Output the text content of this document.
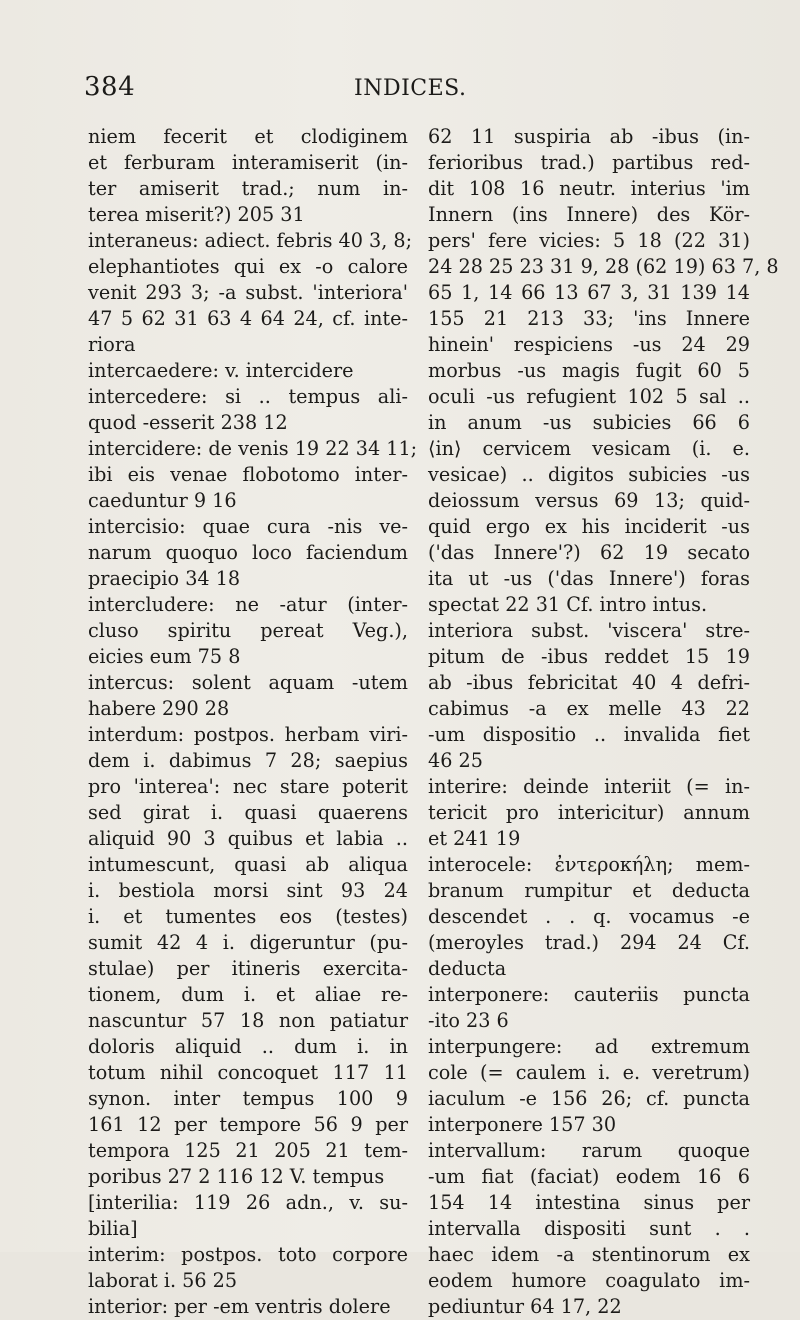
384	INDICES.
niem fecerit et clodiginem
et ferburam interamiserit (in-
ter amiserit trad.; num in-
terea miserit?) 205 31
interaneus: adiect. febris 40 3, 8;
elephantiotes qui ex -o calore
venit 293 3; -a subst. 'interiora'
47 5 62 31 63 4 64 24, cf. inte-
riora
intercaedere: v. intercidere
intercedere: si .. tempus ali-
quod -esserit 238 12
intercidere: de venis 19 22 34 11;
ibi eis venae flobotomo inter-
caeduntur 9 16
intercisio: quae cura -nis ve-
narum quoquo loco faciendum
praecipio 34 18
intercludere: ne -atur (inter-
cluso spiritu pereat Veg.),
eicies eum 75 8
intercus: solent aquam -utem
habere 290 28
interdum: postpos. herbam viri-
dem i. dabimus 7 28; saepius
pro 'interea': nec stare poterit
sed girat i. quasi quaerens
aliquid 90 3 quibus et labia ..
intumescunt, quasi ab aliqua
i. bestiola morsi sint 93 24
i. et tumentes eos (testes)
sumit 42 4 i. digeruntur (pu-
stulae) per itineris exercita-
tionem, dum i. et aliae re-
nascuntur 57 18 non patiatur
doloris aliquid .. dum i. in
totum nihil concoquet 117 11
synon. inter tempus 100 9
161 12 per tempore 56 9 per
tempora 125 21 205 21 tem-
poribus 27 2 116 12 V. tempus
[interilia: 119 26 adn., v. su-
bilia]
interim: postpos. toto corpore
laborat i. 56 25
interior: per -em ventris dolere
62 11 suspiria ab -ibus (in-
ferioribus trad.) partibus red-
dit 108 16 neutr. interius 'im
Innern (ins Innere) des Kör-
pers' fere vicies: 5 18 (22 31)
24 28 25 23 31 9, 28 (62 19) 63 7, 8
65 1, 14 66 13 67 3, 31 139 14
155 21 213 33; 'ins Innere
hinein' respiciens -us 24 29
morbus -us magis fugit 60 5
oculi -us refugient 102 5 sal ..
in anum -us subicies 66 6
⟨in⟩ cervicem vesicam (i. e.
vesicae) .. digitos subicies -us
deiossum versus 69 13; quid-
quid ergo ex his inciderit -us
('das Innere'?) 62 19 secato
ita ut -us ('das Innere') foras
spectat 22 31 Cf. intro intus.
interiora subst. 'viscera' stre-
pitum de -ibus reddet 15 19
ab -ibus febricitat 40 4 defri-
cabimus -a ex melle 43 22
-um dispositio .. invalida fiet
46 25
interire: deinde interiit (= in-
tericit pro intericitur) annum
et 241 19
interocele: ἐντεροκήλη; mem-
branum rumpitur et deducta
descendet . . q. vocamus -e
(meroyles trad.) 294 24 Cf.
deducta
interponere: cauteriis puncta
-ito 23 6
interpungere: ad extremum
cole (= caulem i. e. veretrum)
iaculum -e 156 26; cf. puncta
interponere 157 30
intervallum: rarum quoque
-um fiat (faciat) eodem 16 6
154 14 intestina sinus per
intervalla dispositi sunt . .
haec idem -a stentinorum ex
eodem humore coagulato im-
pediuntur 64 17, 22
